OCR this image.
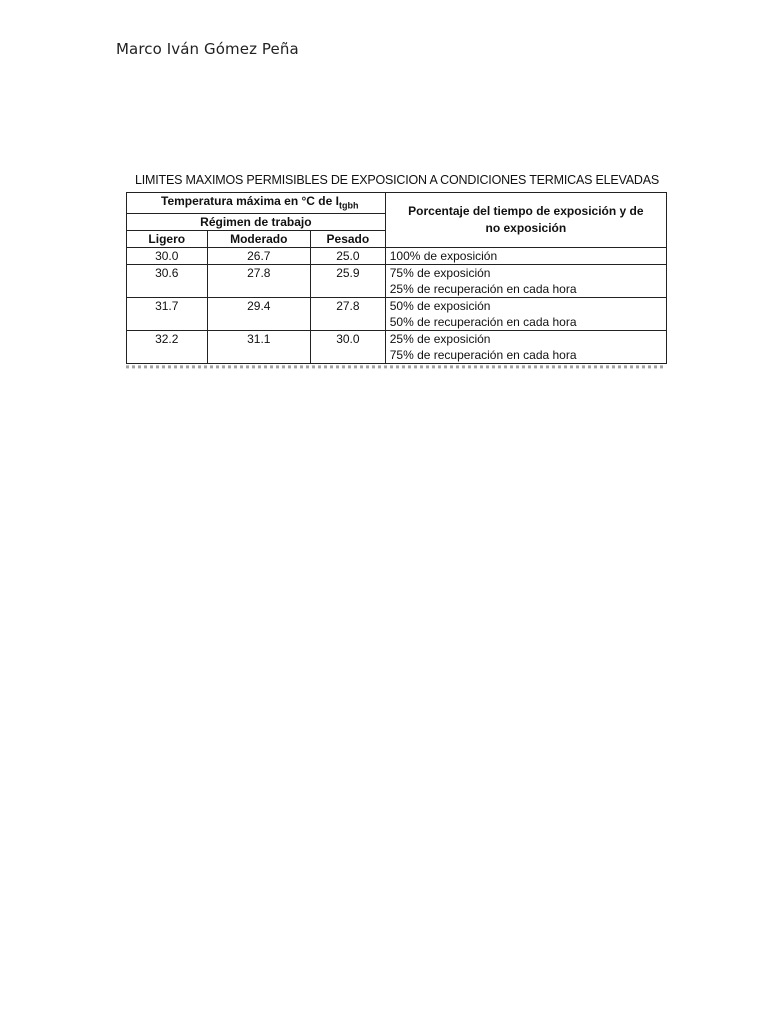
Marco Iván Gómez Peña
LIMITES MAXIMOS PERMISIBLES DE EXPOSICION A CONDICIONES TERMICAS ELEVADAS
Temperatura máxima en °C de $I_{tgbh}$			Porcentaje del tiempo de exposición y de
no exposición

Régimen de trabajo			
Ligero	Moderado	Pesado	
30.0	26.7	25.0	100% de exposición

30.6	27.8	25.9	75% de exposición
25% de recuperación en cada hora

31.7	29.4	27.8	50% de exposición
50% de recuperación en cada hora

32.2	31.1	30.0	25% de exposición
75% de recuperación en cada hora
